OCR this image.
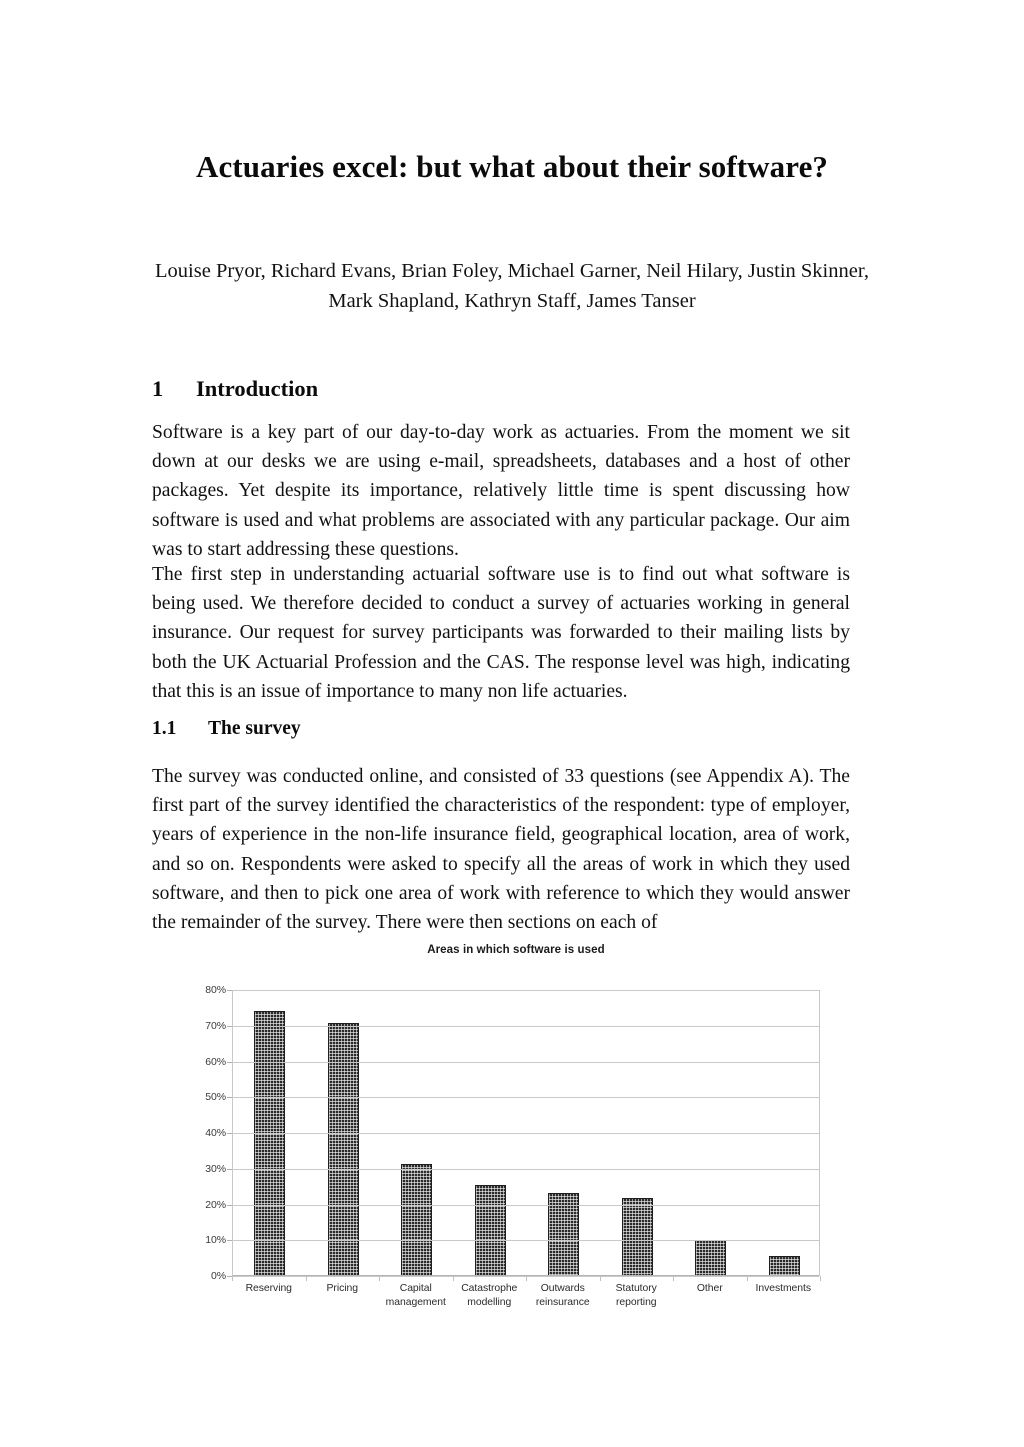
Actuaries excel: but what about their software?
Louise Pryor, Richard Evans, Brian Foley, Michael Garner, Neil Hilary, Justin Skinner, Mark Shapland, Kathryn Staff, James Tanser
1 Introduction
Software is a key part of our day-to-day work as actuaries. From the moment we sit down at our desks we are using e-mail, spreadsheets, databases and a host of other packages. Yet despite its importance, relatively little time is spent discussing how software is used and what problems are associated with any particular package. Our aim was to start addressing these questions.
The first step in understanding actuarial software use is to find out what software is being used. We therefore decided to conduct a survey of actuaries working in general insurance. Our request for survey participants was forwarded to their mailing lists by both the UK Actuarial Profession and the CAS. The response level was high, indicating that this is an issue of importance to many non life actuaries.
1.1 The survey
The survey was conducted online, and consisted of 33 questions (see Appendix A). The first part of the survey identified the characteristics of the respondent: type of employer, years of experience in the non-life insurance field, geographical location, area of work, and so on. Respondents were asked to specify all the areas of work in which they used software, and then to pick one area of work with reference to which they would answer the remainder of the survey. There were then sections on each of
Areas in which software is used
0%
10%
20%
30%
40%
50%
60%
70%
80%
Reserving	Pricing	Capital
management
Catastrophe
modelling
Outwards
reinsurance
Statutory
reporting
Other	Investments
